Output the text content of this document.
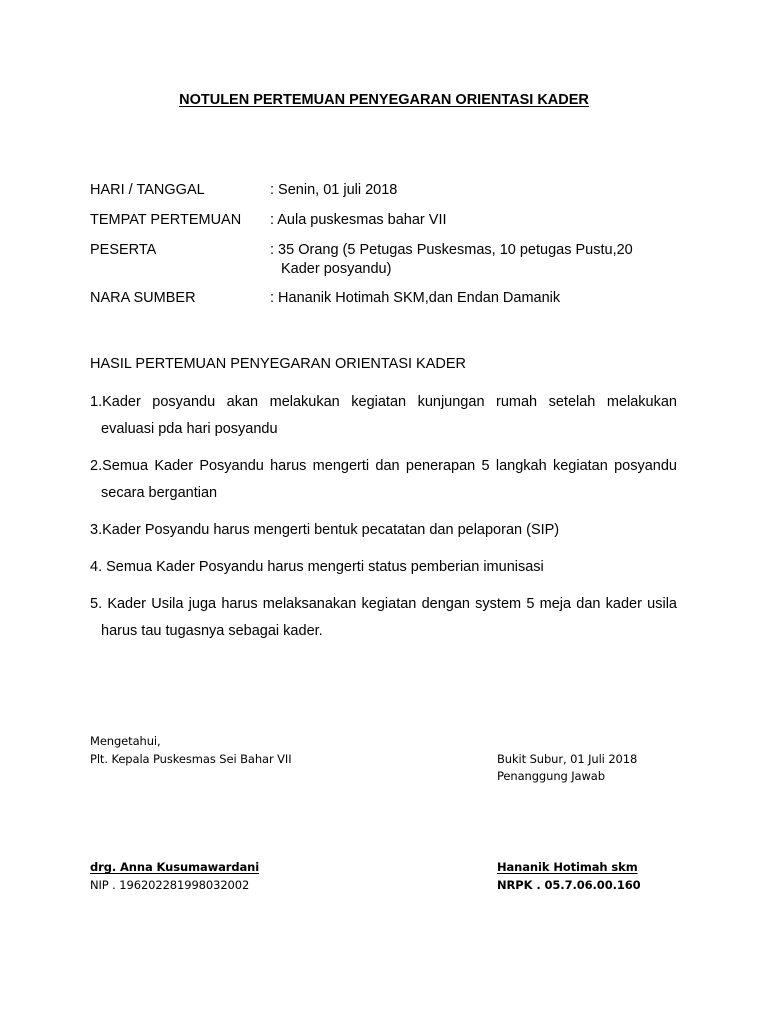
NOTULEN PERTEMUAN PENYEGARAN ORIENTASI KADER
HARI / TANGGAL	: Senin, 01 juli 2018
TEMPAT PERTEMUAN : Aula puskesmas bahar VII
PESERTA	: 35 Orang (5 Petugas Puskesmas, 10 petugas Pustu,20
Kader posyandu)
NARA SUMBER	: Hananik Hotimah SKM,dan Endan Damanik
HASIL PERTEMUAN PENYEGARAN ORIENTASI KADER
1.Kader posyandu akan melakukan kegiatan kunjungan rumah setelah melakukan
evaluasi pda hari posyandu
2.Semua Kader Posyandu harus mengerti dan penerapan 5 langkah kegiatan posyandu
secara bergantian
3.Kader Posyandu harus mengerti bentuk pecatatan dan pelaporan (SIP)
4. Semua Kader Posyandu harus mengerti status pemberian imunisasi
5. Kader Usila juga harus melaksanakan kegiatan dengan system 5 meja dan kader usila
harus tau tugasnya sebagai kader.
Mengetahui,
Plt. Kepala Puskesmas Sei Bahar VII
drg. Anna Kusumawardani
NIP . 196202281998032002
Bukit Subur, 01 Juli 2018
Penanggung Jawab
Hananik Hotimah skm
NRPK . 05.7.06.00.160
